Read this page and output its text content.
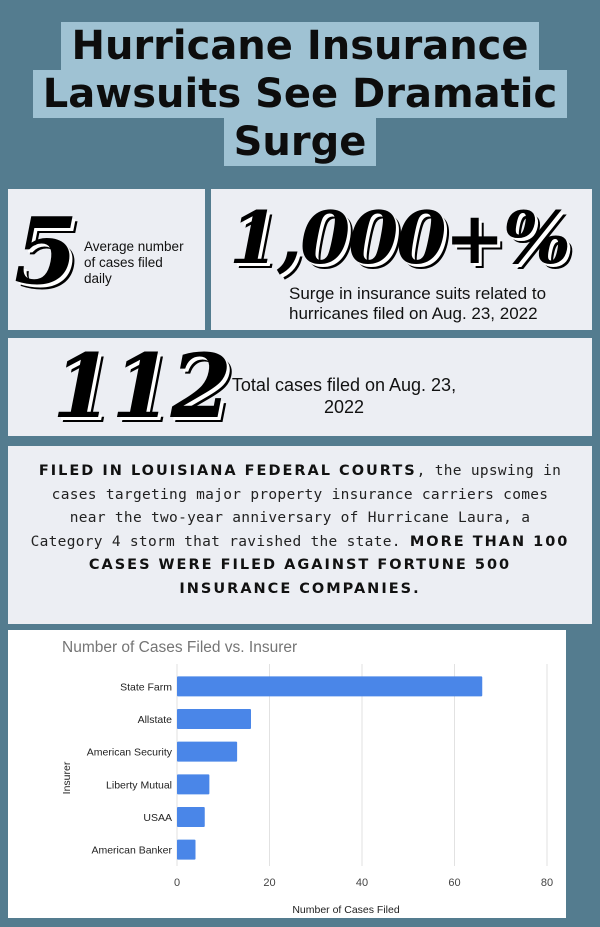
Hurricane Insurance
Lawsuits See Dramatic
Surge
5 Average number
of cases filed
daily	1,000+%
Surge in insurance suits related to
hurricanes filed on Aug. 23, 2022
112 Total cases filed on Aug. 23,
2022
FILED IN LOUISIANA FEDERAL COURTS, the upswing in cases targeting major property insurance carriers comes near the two-year anniversary of Hurricane Laura, a Category 4 storm that ravished the state. MORE THAN 100 CASES WERE FILED AGAINST FORTUNE 500 INSURANCE COMPANIES.
Number of Cases Filed vs. Insurer
0	20	40	60	80
State Farm
Allstate
American Security
Liberty Mutual
USAA
American Banker
Number of Cases Filed
Insurer
